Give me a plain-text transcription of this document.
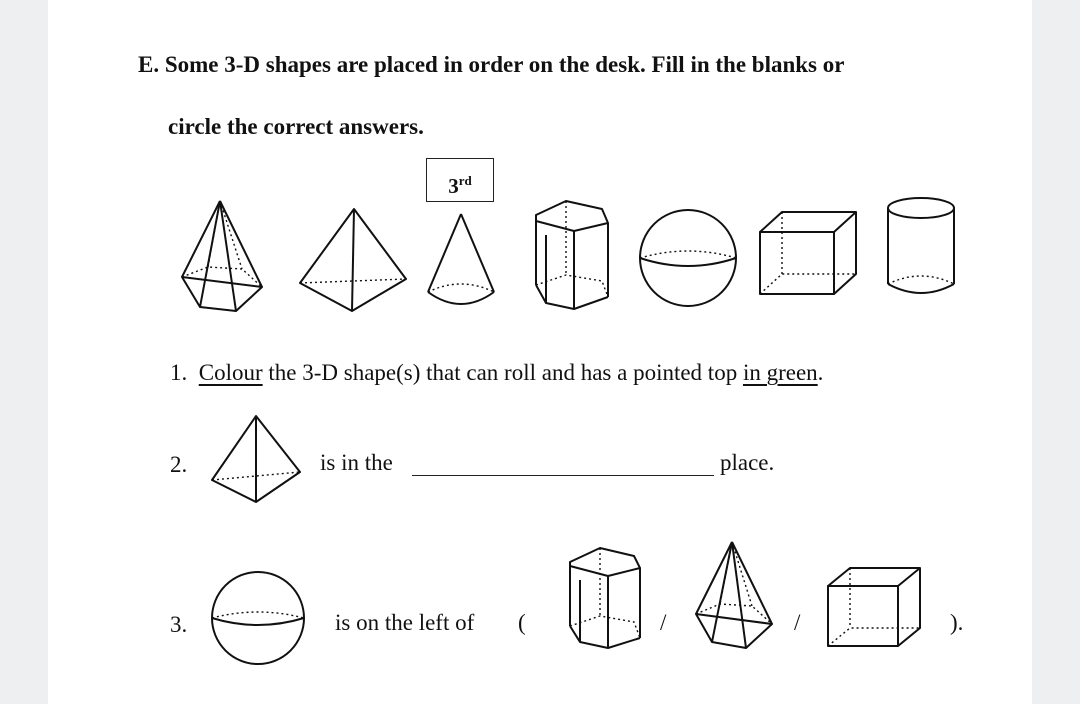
E. Some 3-D shapes are placed in order on the desk. Fill in the blanks or
circle the correct answers.
3rd
1. Colour the 3-D shape(s) that can roll and has a pointed top in green.
2.	is in the	place.
3.	is on the left of (	/	/	).
